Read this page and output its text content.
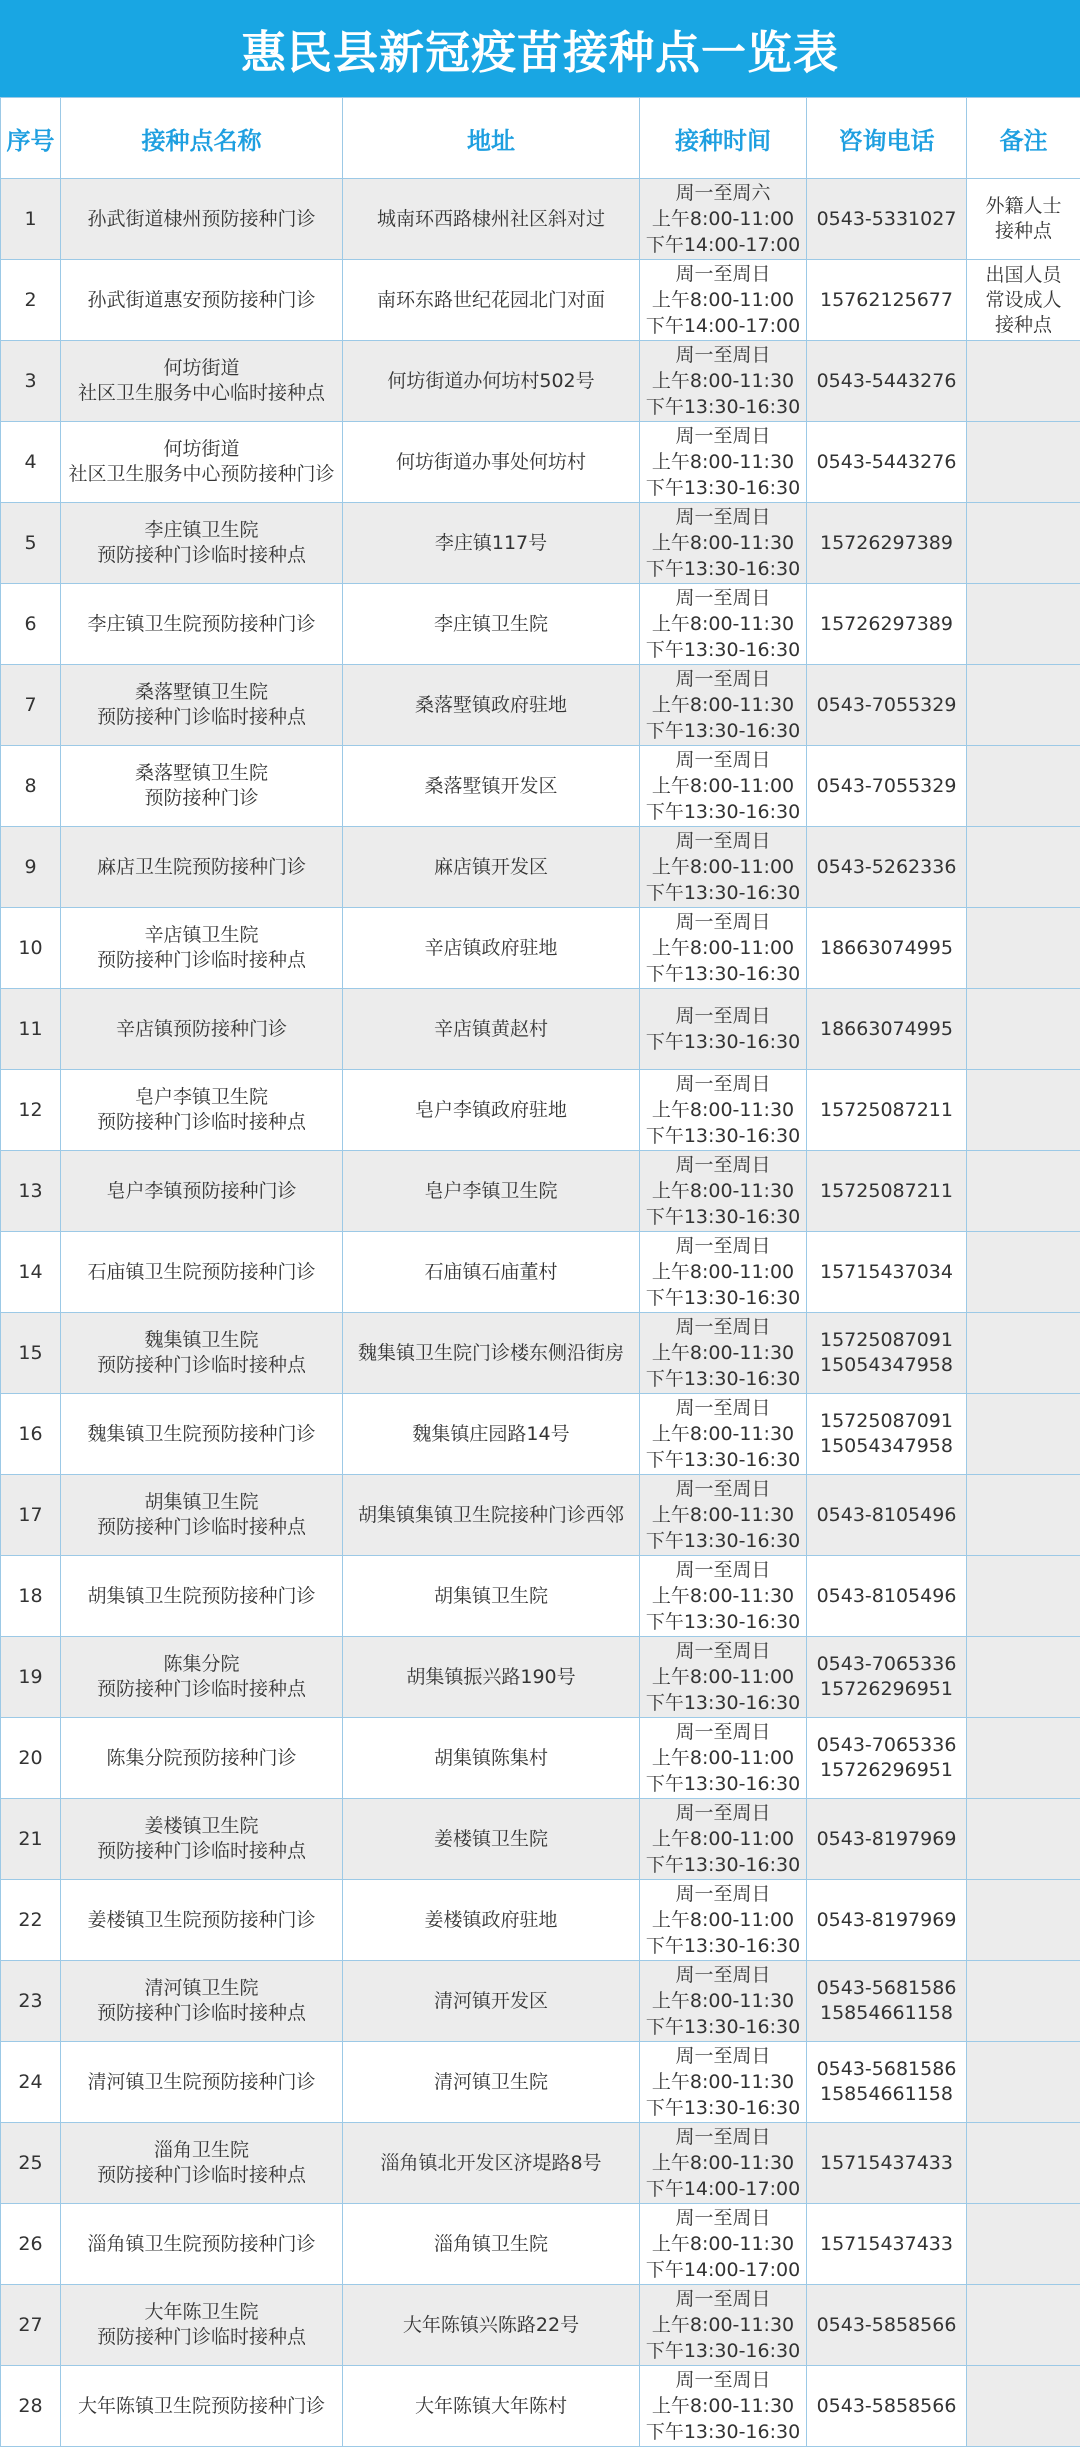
惠民县新冠疫苗接种点一览表
序号	接种点名称	地址	接种时间	咨询电话	备注
1	孙武街道棣州预防接种门诊	城南环西路棣州社区斜对过	周一至周六
上午8:00-11:00
下午14:00-17:00	0543-5331027	外籍人士
接种点
2	孙武街道惠安预防接种门诊	南环东路世纪花园北门对面	周一至周日
上午8:00-11:00
下午14:00-17:00	15762125677	出国人员
常设成人
接种点
3	何坊街道
社区卫生服务中心临时接种点	何坊街道办何坊村502号	周一至周日
上午8:00-11:30
下午13:30-16:30	0543-5443276	
4	何坊街道
社区卫生服务中心预防接种门诊	何坊街道办事处何坊村	周一至周日
上午8:00-11:30
下午13:30-16:30	0543-5443276	
5	李庄镇卫生院
预防接种门诊临时接种点	李庄镇117号	周一至周日
上午8:00-11:30
下午13:30-16:30	15726297389	
6	李庄镇卫生院预防接种门诊	李庄镇卫生院	周一至周日
上午8:00-11:30
下午13:30-16:30	15726297389	
7	桑落墅镇卫生院
预防接种门诊临时接种点	桑落墅镇政府驻地	周一至周日
上午8:00-11:30
下午13:30-16:30	0543-7055329	
8	桑落墅镇卫生院
预防接种门诊	桑落墅镇开发区	周一至周日
上午8:00-11:00
下午13:30-16:30	0543-7055329	
9	麻店卫生院预防接种门诊	麻店镇开发区	周一至周日
上午8:00-11:00
下午13:30-16:30	0543-5262336	
10	辛店镇卫生院
预防接种门诊临时接种点	辛店镇政府驻地	周一至周日
上午8:00-11:00
下午13:30-16:30	18663074995	
11	辛店镇预防接种门诊	辛店镇黄赵村	周一至周日
下午13:30-16:30	18663074995	
12	皂户李镇卫生院
预防接种门诊临时接种点	皂户李镇政府驻地	周一至周日
上午8:00-11:30
下午13:30-16:30	15725087211	
13	皂户李镇预防接种门诊	皂户李镇卫生院	周一至周日
上午8:00-11:30
下午13:30-16:30	15725087211	
14	石庙镇卫生院预防接种门诊	石庙镇石庙董村	周一至周日
上午8:00-11:00
下午13:30-16:30	15715437034	
15	魏集镇卫生院
预防接种门诊临时接种点	魏集镇卫生院门诊楼东侧沿街房	周一至周日
上午8:00-11:30
下午13:30-16:30	15725087091
15054347958	
16	魏集镇卫生院预防接种门诊	魏集镇庄园路14号	周一至周日
上午8:00-11:30
下午13:30-16:30	15725087091
15054347958	
17	胡集镇卫生院
预防接种门诊临时接种点	胡集镇集镇卫生院接种门诊西邻	周一至周日
上午8:00-11:30
下午13:30-16:30	0543-8105496	
18	胡集镇卫生院预防接种门诊	胡集镇卫生院	周一至周日
上午8:00-11:30
下午13:30-16:30	0543-8105496	
19	陈集分院
预防接种门诊临时接种点	胡集镇振兴路190号	周一至周日
上午8:00-11:00
下午13:30-16:30	0543-7065336
15726296951	
20	陈集分院预防接种门诊	胡集镇陈集村	周一至周日
上午8:00-11:00
下午13:30-16:30	0543-7065336
15726296951	
21	姜楼镇卫生院
预防接种门诊临时接种点	姜楼镇卫生院	周一至周日
上午8:00-11:00
下午13:30-16:30	0543-8197969	
22	姜楼镇卫生院预防接种门诊	姜楼镇政府驻地	周一至周日
上午8:00-11:00
下午13:30-16:30	0543-8197969	
23	清河镇卫生院
预防接种门诊临时接种点	清河镇开发区	周一至周日
上午8:00-11:30
下午13:30-16:30	0543-5681586
15854661158	
24	清河镇卫生院预防接种门诊	清河镇卫生院	周一至周日
上午8:00-11:30
下午13:30-16:30	0543-5681586
15854661158	
25	淄角卫生院
预防接种门诊临时接种点	淄角镇北开发区济堤路8号	周一至周日
上午8:00-11:30
下午14:00-17:00	15715437433	
26	淄角镇卫生院预防接种门诊	淄角镇卫生院	周一至周日
上午8:00-11:30
下午14:00-17:00	15715437433	
27	大年陈卫生院
预防接种门诊临时接种点	大年陈镇兴陈路22号	周一至周日
上午8:00-11:30
下午13:30-16:30	0543-5858566	
28	大年陈镇卫生院预防接种门诊	大年陈镇大年陈村	周一至周日
上午8:00-11:30
下午13:30-16:30	0543-5858566	
